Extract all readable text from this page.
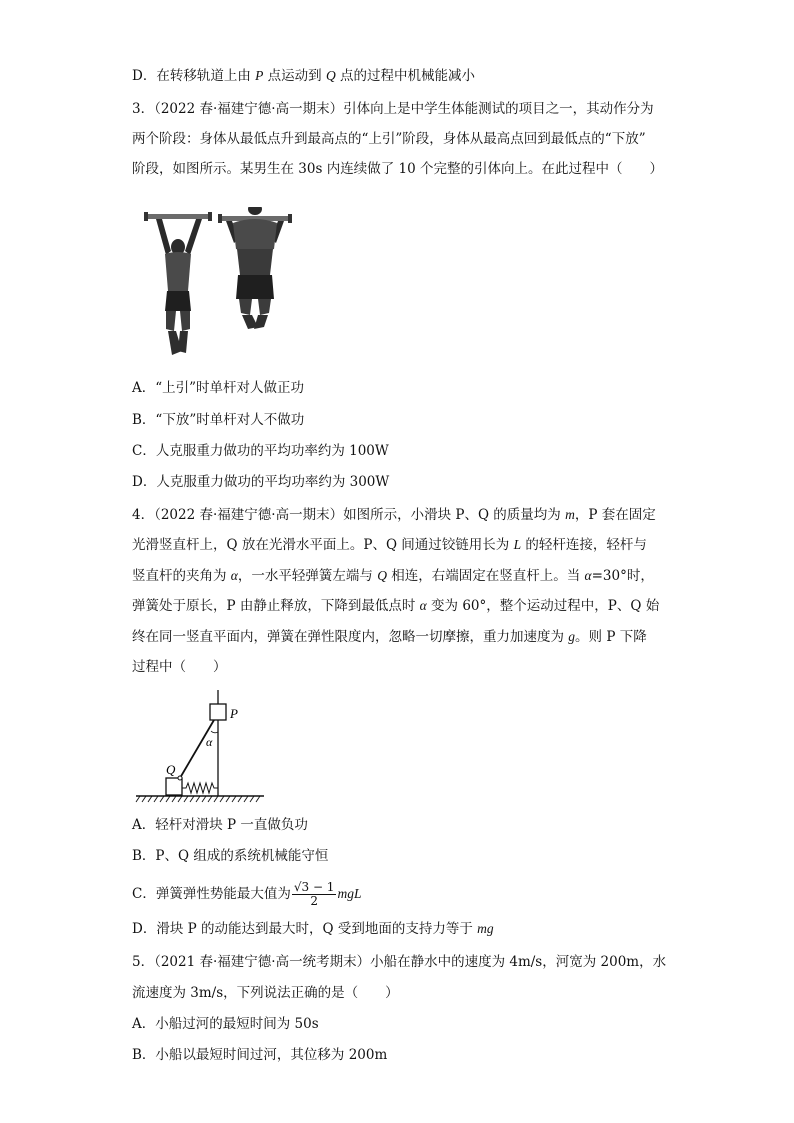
D．在转移轨道上由 P 点运动到 Q 点的过程中机械能减小
3．（2022 春·福建宁德·高一期末）引体向上是中学生体能测试的项目之一，其动作分为
两个阶段：身体从最低点升到最高点的“上引”阶段，身体从最高点回到最低点的“下放”
阶段，如图所示。某男生在 30s 内连续做了 10 个完整的引体向上。在此过程中（　　）
A．“上引”时单杆对人做正功
B．“下放”时单杆对人不做功
C．人克服重力做功的平均功率约为 100W
D．人克服重力做功的平均功率约为 300W
4．（2022 春·福建宁德·高一期末）如图所示，小滑块 P、Q 的质量均为 m，P 套在固定
光滑竖直杆上，Q 放在光滑水平面上。P、Q 间通过铰链用长为 L 的轻杆连接，轻杆与
竖直杆的夹角为 α，一水平轻弹簧左端与 Q 相连，右端固定在竖直杆上。当 α=30°时，
弹簧处于原长，P 由静止释放，下降到最低点时 α 变为 60°，整个运动过程中，P、Q 始
终在同一竖直平面内，弹簧在弹性限度内，忽略一切摩擦，重力加速度为 g。则 P 下降
过程中（　　）
P
α
Q
A．轻杆对滑块 P 一直做负功
B．P、Q 组成的系统机械能守恒
C．弹簧弹性势能最大值为 $\frac{√3 - 1}{2}$ mgL
D．滑块 P 的动能达到最大时，Q 受到地面的支持力等于 mg
5．（2021 春·福建宁德·高一统考期末）小船在静水中的速度为 4m/s，河宽为 200m，水
流速度为 3m/s，下列说法正确的是（　　）
A．小船过河的最短时间为 50s
B．小船以最短时间过河，其位移为 200m
